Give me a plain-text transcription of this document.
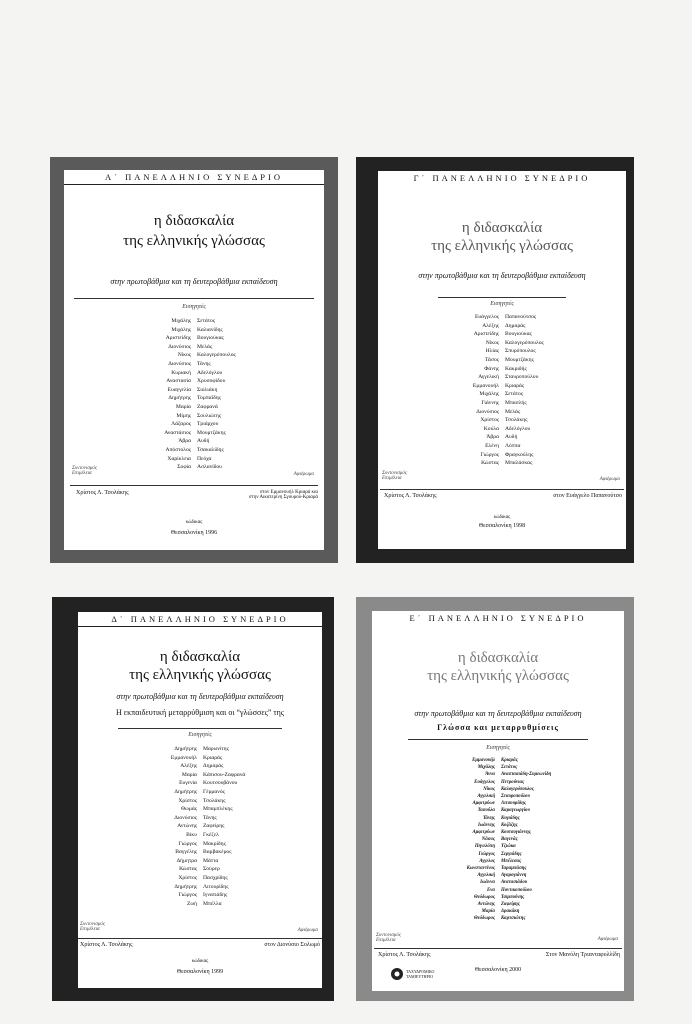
Α΄ ΠΑΝΕΛΛΗΝΙΟ ΣΥΝΕΔΡΙΟ
η διδασκαλία
της ελληνικής γλώσσας
στην πρωτοβάθμια και τη δευτεροβάθμια εκπαίδευση
Εισηγητές
Μιχάλης	Σετάτος
Μιχάλης	Καλιανίδης
Αριστείδης	Βουγιούκας
Διονύσιος	Μελάς
Νίκος	Καλογερόπουλος
Διονύσιος	Τάνης
Κυριακή	Αδελόγλου
Αναστασία	Χρυσοφίδου
Ευαγγελία	Σιολιάκη
Δημήτρης	Τομπαΐδης
Μαρία	Ζαφρανά
Μίμης	Σουλιώτης
Λάζαρος	Τριάρχου
Αναστάσιος	Μουμτζάκης
Άβρα	Αυδή
Απόστολος	Τσακαλίδης
Χαρίκλεια	Πεόχα
Σοφία	Ασλανίδου
Συντονισμός
Επιμέλεια	Αφιέρωμα
Χρίστος Λ. Τσολάκης	στον Εμμανουήλ Κριαρά και
στην Αικατερίνη Σγουρού-Κριαρά
κώδικας
Θεσσαλονίκη 1996
Γ΄ ΠΑΝΕΛΛΗΝΙΟ ΣΥΝΕΔΡΙΟ
η διδασκαλία
της ελληνικής γλώσσας
στην πρωτοβάθμια και τη δευτεροβάθμια εκπαίδευση
Εισηγητές
Ευάγγελος	Παπανούτσος
Αλέξης	Δημαράς
Αριστείδης	Βουγιούκας
Νίκος	Καλογερόπουλος
Ηλίας	Σπυρόπουλος
Τάσος	Μουμτζάκης
Φάνης	Κακριδής
Αγγελική	Σταυροπούλου
Εμμανουήλ	Κριαράς
Μιχάλης	Σετάτος
Γιάννης	Μπασλής
Διονύσιος	Μελάς
Χρίστος	Τσολάκης
Κούλα	Αδελόγλου
Άβρα	Αυδή
Ελένη	Λόππα
Γιώργος	Φραγκούλης
Κώστας	Μπαλάσκας
Συντονισμός
Επιμέλεια	Αφιέρωμα
Χρίστος Λ. Τσολάκης	στον Ευάγγελο Παπανούτσο
κώδικας
Θεσσαλονίκη 1998
Δ΄ ΠΑΝΕΛΛΗΝΙΟ ΣΥΝΕΔΡΙΟ
η διδασκαλία
της ελληνικής γλώσσας
στην πρωτοβάθμια και τη δευτεροβάθμια εκπαίδευση
Η εκπαιδευτική μεταρρύθμιση και οι “γλώσσες” της
Εισηγητές
Δημήτρης	Μαρωνίτης
Εμμανουήλ	Κριαράς
Αλέξης	Δημαράς
Μαρία	Κάπισου-Ζαφρανά
Ευγενία	Κουτσουβάνου
Δημήτρης	Γέρμανός
Χρίστος	Τσολάκης
Θωμάς	Μπαμπλέκης
Διονύσιος	Τάνης
Αντώνης	Ζαφείρης
Βίκυ	Γκέζελ
Γιώργος	Μακρίδης
Βαγγέλης	Βαμβακέρος
Δήμητρα	Μάττα
Κώστας	Σούρερ
Χρίστος	Πασχρίδης
Δημήτρης	Λιτουρίδης
Γιώργος	Ιγνατιάδης
Ζωή	Μπέλλα
Συντονισμός
Επιμέλεια	Αφιέρωμα
Χρίστος Λ. Τσολάκης	στον Διονύσιο Σολωμό
κώδικας
Θεσσαλονίκη 1999
Ε΄ ΠΑΝΕΛΛΗΝΙΟ ΣΥΝΕΔΡΙΟ
η διδασκαλία
της ελληνικής γλώσσας
στην πρωτοβάθμια και τη δευτεροβάθμια εκπαίδευση
Γλώσσα και μεταρρυθμίσεις
Εισηγητές
Εμμανουήλ	Κριαράς
Μιχάλης	Σετάτος
Άννα	Αναστασιάδη-Συμεωνίδη
Ευάγγελος	Πετρούνιας
Νίκος	Καλογερόπουλος
Αγγελική	Σταυροπούλου
Αμφιτρύων	Λιτσουρίδης
Τασούλα	Καραγεωργίου
Τάνης	Κυγιάδης
Ιωάννης	Κοζάζης
Αμφιτρύων	Κουτσογιάννης
Νάσος	Βαγενάς
Πηνελόπη	Τζιώκα
Γιώργος	Σεργιάδης
Αγγελος	Μπέλεσας
Κωνσταντίνος	Ταραμπάσης
Αγγελική	Αγαρογιάννη
Ιωάννα	Ανατασιάδου
Ενα	Ποντικοπούλου
Θεόδωρος	Τσιμπούνης
Αντώνης	Ζαφείρης
Μαρία	Δρακάκη
Θεόδωρος	Καρτσιώτης
Συντονισμός
Επιμέλεια	Αφιέρωμα
Χρίστος Λ. Τσολάκης	Στον Μανόλη Τριανταφυλλίδη
ΤΑΧΥΔΡΟΜΙΚΟ ΤΑΜΙΕΥΤΗΡΙΟ
Θεσσαλονίκη 2000
